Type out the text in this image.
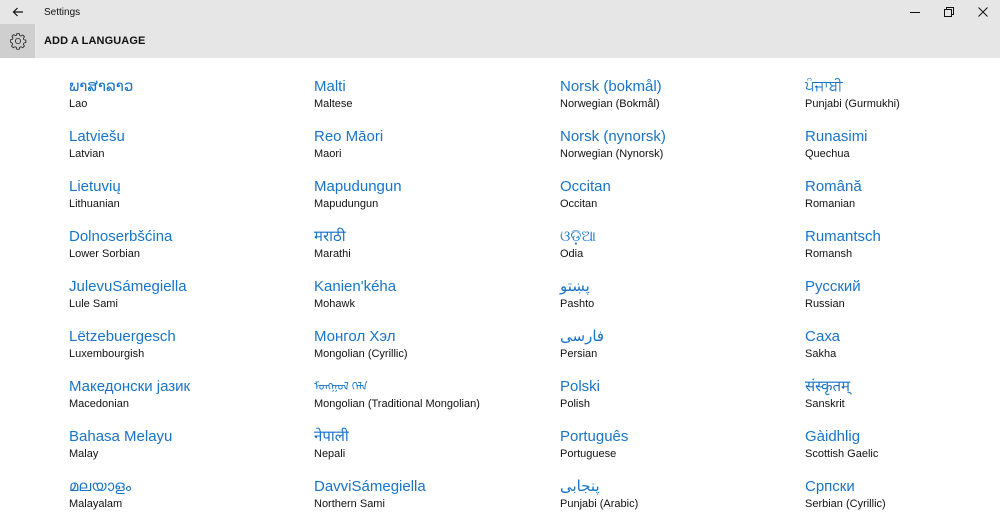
Settings
ADD A LANGUAGE
ພາສາລາວ
Lao
Latviešu
Latvian
Lietuvių
Lithuanian
Dolnoserbšćina
Lower Sorbian
JulevuSámegiella
Lule Sami
Lëtzebuergesch
Luxembourgish
Македонски јазик
Macedonian
Bahasa Melayu
Malay
മലയാളം
Malayalam
Malti
Maltese
Reo Māori
Maori
Mapudungun
Mapudungun
मराठी
Marathi
Kanien'kéha
Mohawk
Монгол Хэл
Mongolian (Cyrillic)
ᠮᠣᠩᠭᠣᠯ ᠬᠡᠯᠡ
Mongolian (Traditional Mongolian)
नेपाली
Nepali
DavviSámegiella
Northern Sami
Norsk (bokmål)
Norwegian (Bokmål)
Norsk (nynorsk)
Norwegian (Nynorsk)
Occitan
Occitan
ଓଡ଼ିଆ
Odia
پښتو
Pashto
فارسی
Persian
Polski
Polish
Português
Portuguese
پنجابی
Punjabi (Arabic)
ਪੰਜਾਬੀ
Punjabi (Gurmukhi)
Runasimi
Quechua
Română
Romanian
Rumantsch
Romansh
Русский
Russian
Саха
Sakha
संस्कृतम्
Sanskrit
Gàidhlig
Scottish Gaelic
Српски
Serbian (Cyrillic)
